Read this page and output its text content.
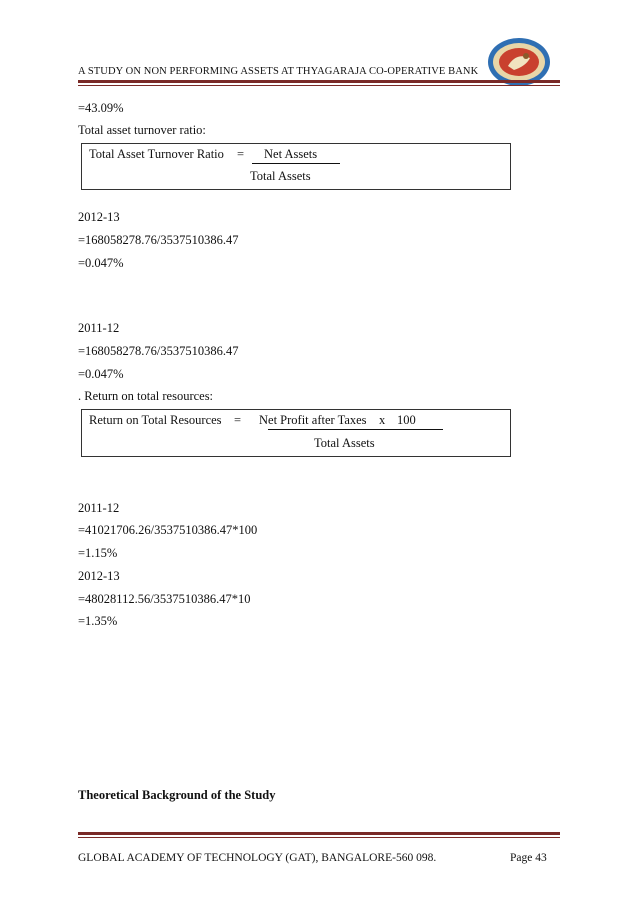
A STUDY ON NON PERFORMING ASSETS AT THYAGARAJA CO-OPERATIVE BANK
=43.09%
Total asset turnover ratio:
Total Asset Turnover Ratio = Net Assets
Total Assets
2012-13
=168058278.76/3537510386.47
=0.047%
2011-12
=168058278.76/3537510386.47
=0.047%
. Return on total resources:
Return on Total Resources = Net Profit after Taxes x 100
Total Assets
2011-12
=41021706.26/3537510386.47*100
=1.15%
2012-13
=48028112.56/3537510386.47*10
=1.35%
Theoretical Background of the Study
GLOBAL ACADEMY OF TECHNOLOGY (GAT), BANGALORE-560 098.	Page 43
